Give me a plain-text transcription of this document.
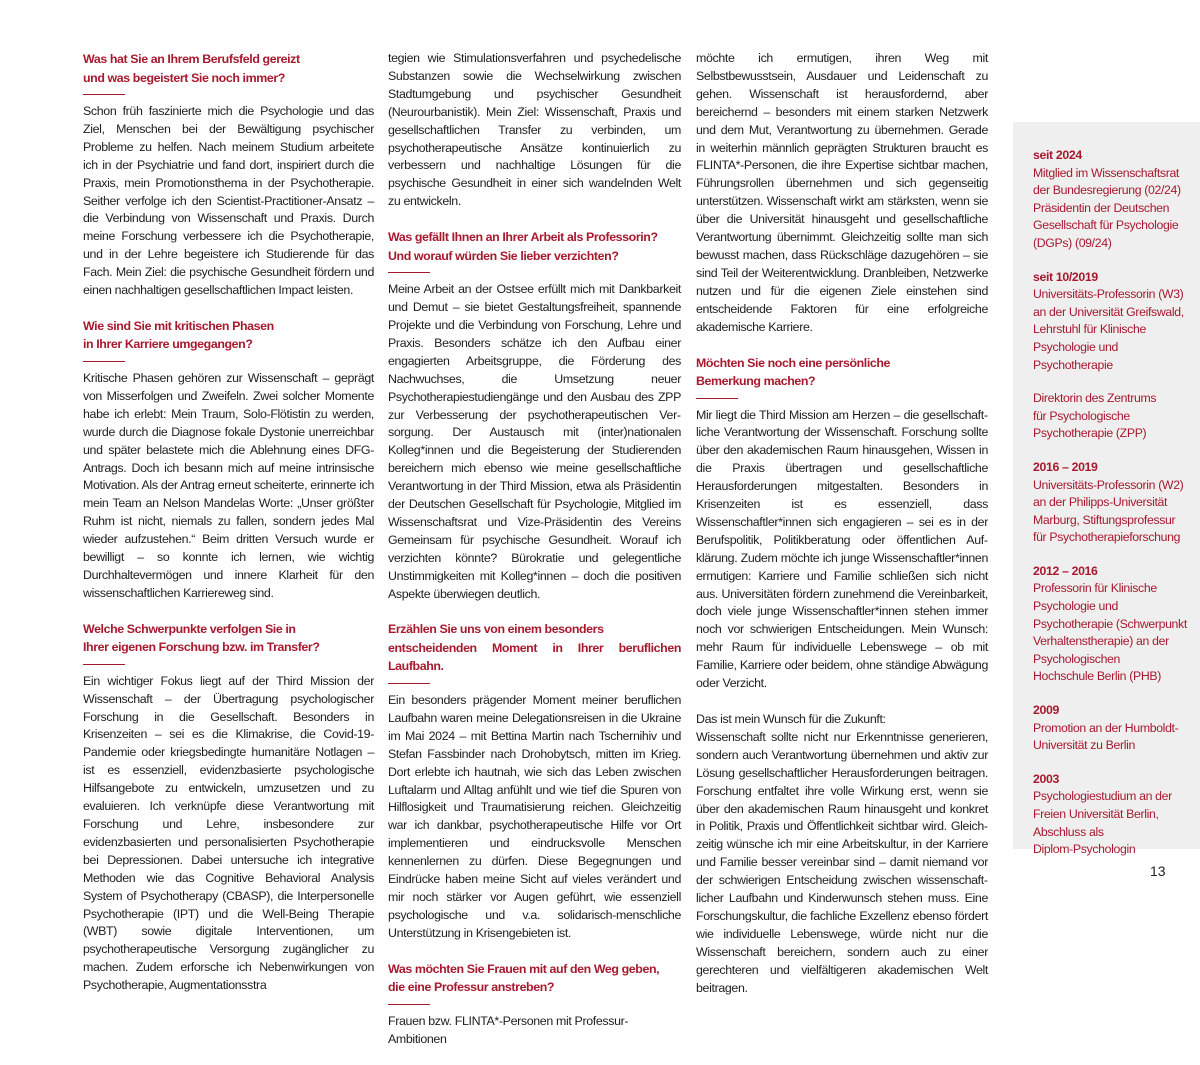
Was hat Sie an Ihrem Berufsfeld gereizt
und was begeistert Sie noch immer?

Schon früh faszinierte mich die Psychologie und das Ziel, Menschen bei der Bewältigung psychischer Probleme zu helfen. Nach meinem Studium arbeitete ich in der Psychiatrie und fand dort, inspiriert durch die Praxis, mein Promotionsthema in der Psychotherapie. Seither verfolge ich den Scientist-Practitioner-Ansatz – die Verbindung von Wissenschaft und Praxis. Durch meine Forschung verbessere ich die Psychotherapie, und in der Lehre begeistere ich Studierende für das Fach. Mein Ziel: die psychische Gesundheit fördern und einen nachhaltigen gesellschaftlichen Impact leisten.

Wie sind Sie mit kritischen Phasen
in Ihrer Karriere umgegangen?

Kritische Phasen gehören zur Wissenschaft – geprägt von Misserfolgen und Zweifeln. Zwei solcher Momente habe ich erlebt: Mein Traum, Solo-Flötistin zu werden, wurde durch die Diagnose fokale Dystonie unerreichbar und später belastete mich die Ablehnung eines DFG-Antrags. Doch ich besann mich auf meine intrinsische Motivation. Als der Antrag erneut scheiterte, erinnerte ich mein Team an Nelson Mandelas Worte: „Unser größter Ruhm ist nicht, niemals zu fallen, sondern jedes Mal wieder aufzustehen.“ Beim dritten Versuch wurde er bewilligt – so konnte ich lernen, wie wichtig Durchhaltevermögen und innere Klarheit für den wissenschaftlichen Karriereweg sind.

Welche Schwerpunkte verfolgen Sie in
Ihrer eigenen Forschung bzw. im Transfer?

Ein wichtiger Fokus liegt auf der Third Mission der Wissenschaft – der Übertragung psychologischer Forschung in die Gesellschaft. Besonders in Krisenzeiten – sei es die Klimakrise, die Covid-19-Pandemie oder kriegsbedingte humanitäre Notlagen – ist es essenziell, evidenzbasierte psychologische Hilfsangebote zu entwickeln, umzusetzen und zu evaluieren. Ich verknüpfe diese Verantwortung mit Forschung und Lehre, insbesondere zur evidenzbasierten und personalisierten Psychotherapie bei Depressionen. Dabei untersuche ich integrative Methoden wie das Cognitive Behavioral Analysis System of Psychotherapy (CBASP), die Interpersonelle Psychotherapie (IPT) und die Well-Being Therapie (WBT) sowie digitale Interventionen, um psychotherapeutische Versorgung zugänglicher zu machen. Zudem erforsche ich Nebenwirkungen von Psychotherapie, Augmentationsstra

tegien wie Stimulationsverfahren und psychedelische Substanzen sowie die Wechselwirkung zwischen Stadtumgebung und psychischer Gesundheit (Neurourbanistik). Mein Ziel: Wissenschaft, Praxis und gesellschaftlichen Transfer zu verbinden, um psychotherapeutische Ansätze kontinuierlich zu verbessern und nachhaltige Lösungen für die psychische Gesundheit in einer sich wandelnden Welt zu entwickeln.

Was gefällt Ihnen an Ihrer Arbeit als Professorin?
Und worauf würden Sie lieber verzichten?

Meine Arbeit an der Ostsee erfüllt mich mit Dankbarkeit und Demut – sie bietet Gestaltungsfreiheit, spannende Projekte und die Verbindung von Forschung, Lehre und Praxis. Besonders schätze ich den Aufbau einer engagierten Arbeitsgruppe, die Förderung des Nachwuchses, die Umsetzung neuer Psychotherapiestudiengänge und den Ausbau des ZPP zur Verbesserung der psychotherapeutischen Versorgung. Der Austausch mit (inter)nationalen Kolleg*innen und die Begeisterung der Studierenden bereichern mich ebenso wie meine gesellschaftliche Verantwortung in der Third Mission, etwa als Präsidentin der Deutschen Gesellschaft für Psychologie, Mitglied im Wissenschaftsrat und Vize-Präsidentin des Vereins Gemeinsam für psychische Gesundheit. Worauf ich verzichten könnte? Bürokratie und gelegentliche Unstimmigkeiten mit Kolleg*innen – doch die positiven Aspekte überwiegen deutlich.

Erzählen Sie uns von einem besonders
entscheidenden Moment in Ihrer beruflichen Laufbahn.

Ein besonders prägender Moment meiner beruflichen Laufbahn waren meine Delegationsreisen in die Ukraine im Mai 2024 – mit Bettina Martin nach Tschernihiv und Stefan Fassbinder nach Drohobytsch, mitten im Krieg. Dort erlebte ich hautnah, wie sich das Leben zwischen Luftalarm und Alltag anfühlt und wie tief die Spuren von Hilflosigkeit und Traumatisierung reichen. Gleichzeitig war ich dankbar, psychotherapeutische Hilfe vor Ort implementieren und eindrucksvolle Menschen kennenlernen zu dürfen. Diese Begegnungen und Eindrücke haben meine Sicht auf vieles verändert und mir noch stärker vor Augen geführt, wie essenziell psychologische und v.a. solidarisch-menschliche Unterstützung in Krisengebieten ist.

Was möchten Sie Frauen mit auf den Weg geben,
die eine Professur anstreben?

Frauen bzw. FLINTA*-Personen mit Professur-Ambitionen

möchte ich ermutigen, ihren Weg mit Selbstbewusstsein, Ausdauer und Leidenschaft zu gehen. Wissenschaft ist herausfordernd, aber bereichernd – besonders mit einem starken Netzwerk und dem Mut, Verantwortung zu übernehmen. Gerade in weiterhin männlich geprägten Strukturen braucht es FLINTA*-Personen, die ihre Expertise sichtbar machen, Führungsrollen übernehmen und sich gegenseitig unterstützen. Wissenschaft wirkt am stärksten, wenn sie über die Universität hinausgeht und gesellschaftliche Verantwortung übernimmt. Gleichzeitig sollte man sich bewusst machen, dass Rückschläge dazugehören – sie sind Teil der Weiterentwicklung. Dranbleiben, Netzwerke nutzen und für die eigenen Ziele einstehen sind entscheidende Faktoren für eine erfolgreiche akademische Karriere.

Möchten Sie noch eine persönliche
Bemerkung machen?

Mir liegt die Third Mission am Herzen – die gesellschaftliche Verantwortung der Wissenschaft. Forschung sollte über den akademischen Raum hinausgehen, Wissen in die Praxis übertragen und gesellschaftliche Herausforderungen mitgestalten. Besonders in Krisenzeiten ist es essenziell, dass Wissenschaftler*innen sich engagieren – sei es in der Berufspolitik, Politikberatung oder öffentlichen Aufklärung. Zudem möchte ich junge Wissenschaftler*innen ermutigen: Karriere und Familie schließen sich nicht aus. Universitäten fördern zunehmend die Vereinbarkeit, doch viele junge Wissenschaftler*innen stehen immer noch vor schwierigen Entscheidungen. Mein Wunsch: mehr Raum für individuelle Lebenswege – ob mit Familie, Karriere oder beidem, ohne ständige Abwägung oder Verzicht.

Das ist mein Wunsch für die Zukunft:

Wissenschaft sollte nicht nur Erkenntnisse generieren, sondern auch Verantwortung übernehmen und aktiv zur Lösung gesellschaftlicher Herausforderungen beitragen. Forschung entfaltet ihre volle Wirkung erst, wenn sie über den akademischen Raum hinausgeht und konkret in Politik, Praxis und Öffentlichkeit sichtbar wird. Gleichzeitig wünsche ich mir eine Arbeitskultur, in der Karriere und Familie besser vereinbar sind – damit niemand vor der schwierigen Entscheidung zwischen wissenschaftlicher Laufbahn und Kinderwunsch stehen muss. Eine Forschungskultur, die fachliche Exzellenz ebenso fördert wie individuelle Lebenswege, würde nicht nur die Wissenschaft bereichern, sondern auch zu einer gerechteren und vielfältigeren akademischen Welt beitragen.

seit 2024
Mitglied im Wissenschaftsrat
der Bundesregierung (02/24)
Präsidentin der Deutschen
Gesellschaft für Psychologie
(DGPs) (09/24)
seit 10/2019
Universitäts-Professorin (W3)
an der Universität Greifswald,
Lehrstuhl für Klinische
Psychologie und
Psychotherapie
Direktorin des Zentrums
für Psychologische
Psychotherapie (ZPP)
2016 – 2019
Universitäts-Professorin (W2)
an der Philipps-Universität
Marburg, Stiftungsprofessur
für Psychotherapieforschung
2012 – 2016
Professorin für Klinische
Psychologie und
Psychotherapie (Schwerpunkt
Verhaltenstherapie) an der
Psychologischen
Hochschule Berlin (PHB)
2009
Promotion an der Humboldt-
Universität zu Berlin
2003
Psychologiestudium an der
Freien Universität Berlin,
Abschluss als
Diplom-Psychologin
13
